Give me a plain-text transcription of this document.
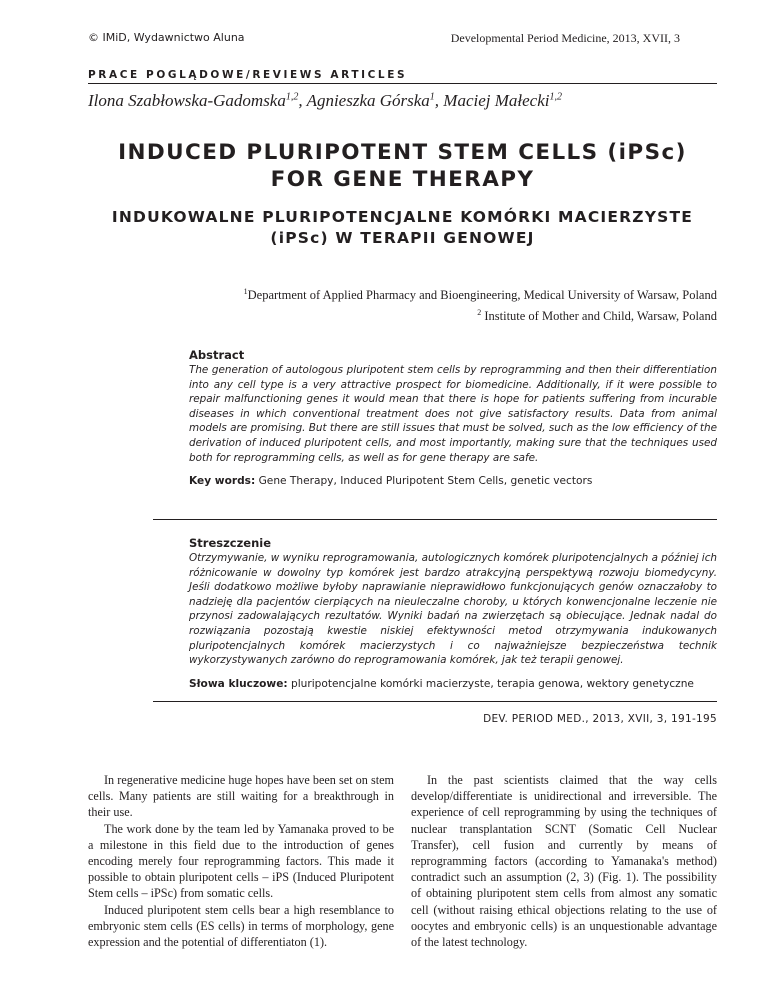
© IMiD, Wydawnictwo Aluna	Developmental Period Medicine, 2013, XVII, 3
PRACE POGLĄDOWE/REVIEWS ARTICLES
Ilona Szabłowska-Gadomska$^{1,2}$, Agnieszka Górska$^1$, Maciej Małecki$^{1,2}$
INDUCED PLURIPOTENT STEM CELLS (iPSc)
FOR GENE THERAPY
INDUKOWALNE PLURIPOTENCJALNE KOMÓRKI MACIERZYSTE
(iPSc) W TERAPII GENOWEJ
$^1$Department of Applied Pharmacy and Bioengineering, Medical University of Warsaw, Poland
$^2$ Institute of Mother and Child, Warsaw, Poland
Abstract
The generation of autologous pluripotent stem cells by reprogramming and then their differentiation into any cell type is a very attractive prospect for biomedicine. Additionally, if it were possible to repair malfunctioning genes it would mean that there is hope for patients suffering from incurable diseases in which conventional treatment does not give satisfactory results. Data from animal models are promising. But there are still issues that must be solved, such as the low efficiency of the derivation of induced pluripotent cells, and most importantly, making sure that the techniques used both for reprogramming cells, as well as for gene therapy are safe.
Key words: Gene Therapy, Induced Pluripotent Stem Cells, genetic vectors
Streszczenie
Otrzymywanie, w wyniku reprogramowania, autologicznych komórek pluripotencjalnych a później ich różnicowanie w dowolny typ komórek jest bardzo atrakcyjną perspektywą rozwoju biomedycyny. Jeśli dodatkowo możliwe byłoby naprawianie nieprawidłowo funkcjonujących genów oznaczałoby to nadzieję dla pacjentów cierpiących na nieuleczalne choroby, u których konwencjonalne leczenie nie przynosi zadowalających rezultatów. Wyniki badań na zwierzętach są obiecujące. Jednak nadal do rozwiązania pozostają kwestie niskiej efektywności metod otrzymywania indukowanych pluripotencjalnych komórek macierzystych i co najważniejsze bezpieczeństwa technik wykorzystywanych zarówno do reprogramowania komórek, jak też terapii genowej.
Słowa kluczowe: pluripotencjalne komórki macierzyste, terapia genowa, wektory genetyczne
DEV. PERIOD MED., 2013, XVII, 3, 191-195

In regenerative medicine huge hopes have been set on stem cells. Many patients are still waiting for a breakthrough in their use.

The work done by the team led by Yamanaka proved to be a milestone in this field due to the introduction of genes encoding merely four reprogramming factors. This made it possible to obtain pluripotent cells – iPS (Induced Pluripotent Stem cells – iPSc) from somatic cells.

Induced pluripotent stem cells bear a high resemblance to embryonic stem cells (ES cells) in terms of morphology, gene expression and the potential of differentiaton (1).

In the past scientists claimed that the way cells develop/differentiate is unidirectional and irreversible. The experience of cell reprogramming by using the techniques of nuclear transplantation SCNT (Somatic Cell Nuclear Transfer), cell fusion and currently by means of reprogramming factors (according to Yamanaka's method) contradict such an assumption (2, 3) (Fig. 1). The possibility of obtaining pluripotent stem cells from almost any somatic cell (without raising ethical objections relating to the use of oocytes and embryonic cells) is an unquestionable advantage of the latest technology.
